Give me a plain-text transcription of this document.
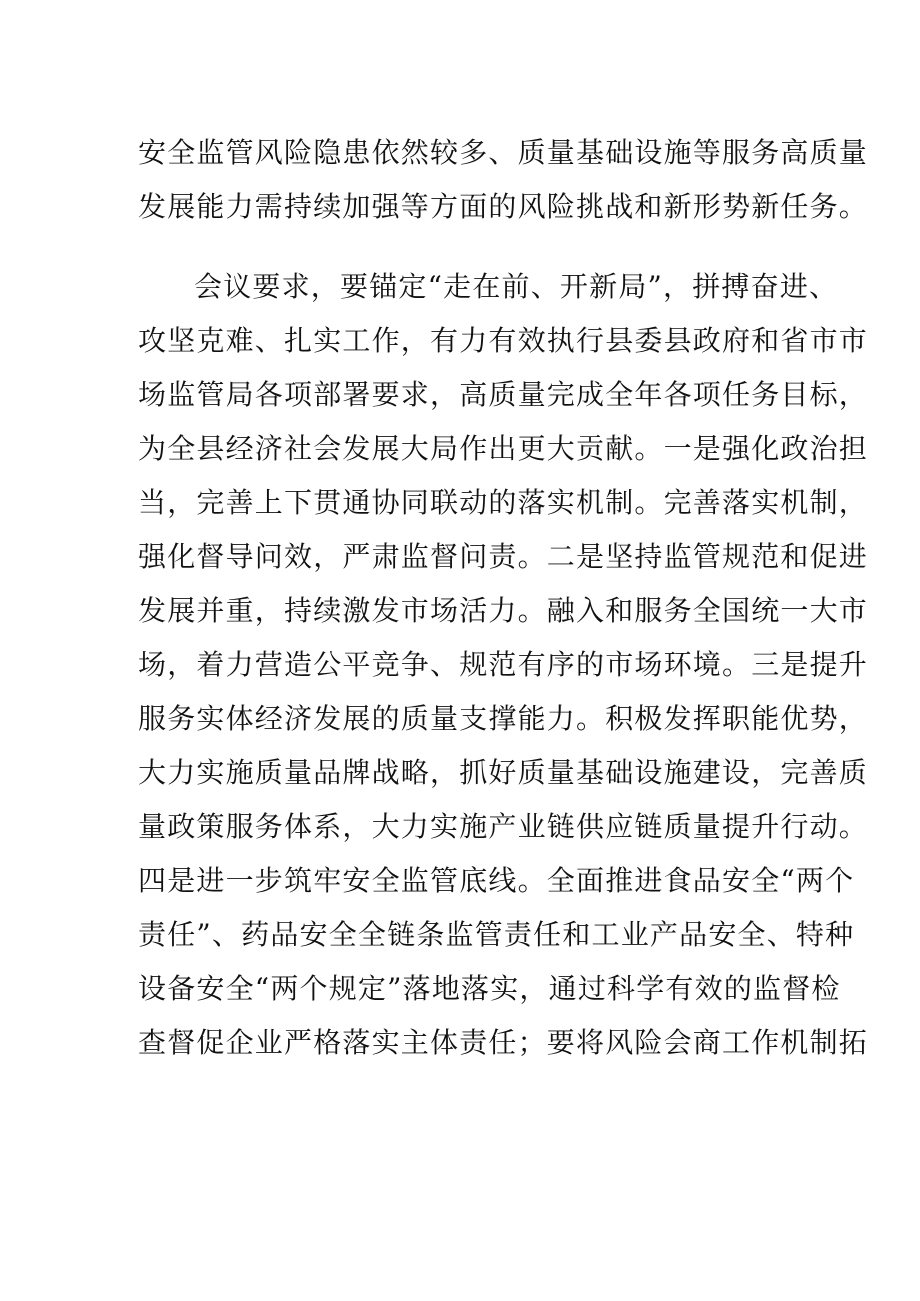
安全监管风险隐患依然较多、质量基础设施等服务高质量
发展能力需持续加强等方面的风险挑战和新形势新任务。
会议要求，要锚定“走在前、开新局”，拼搏奋进、
攻坚克难、扎实工作，有力有效执行县委县政府和省市市
场监管局各项部署要求，高质量完成全年各项任务目标，
为全县经济社会发展大局作出更大贡献。一是强化政治担
当，完善上下贯通协同联动的落实机制。完善落实机制，
强化督导问效，严肃监督问责。二是坚持监管规范和促进
发展并重，持续激发市场活力。融入和服务全国统一大市
场，着力营造公平竞争、规范有序的市场环境。三是提升
服务实体经济发展的质量支撑能力。积极发挥职能优势，
大力实施质量品牌战略，抓好质量基础设施建设，完善质
量政策服务体系，大力实施产业链供应链质量提升行动。
四是进一步筑牢安全监管底线。全面推进食品安全“两个
责任”、药品安全全链条监管责任和工业产品安全、特种
设备安全“两个规定”落地落实，通过科学有效的监督检
查督促企业严格落实主体责任；要将风险会商工作机制拓
